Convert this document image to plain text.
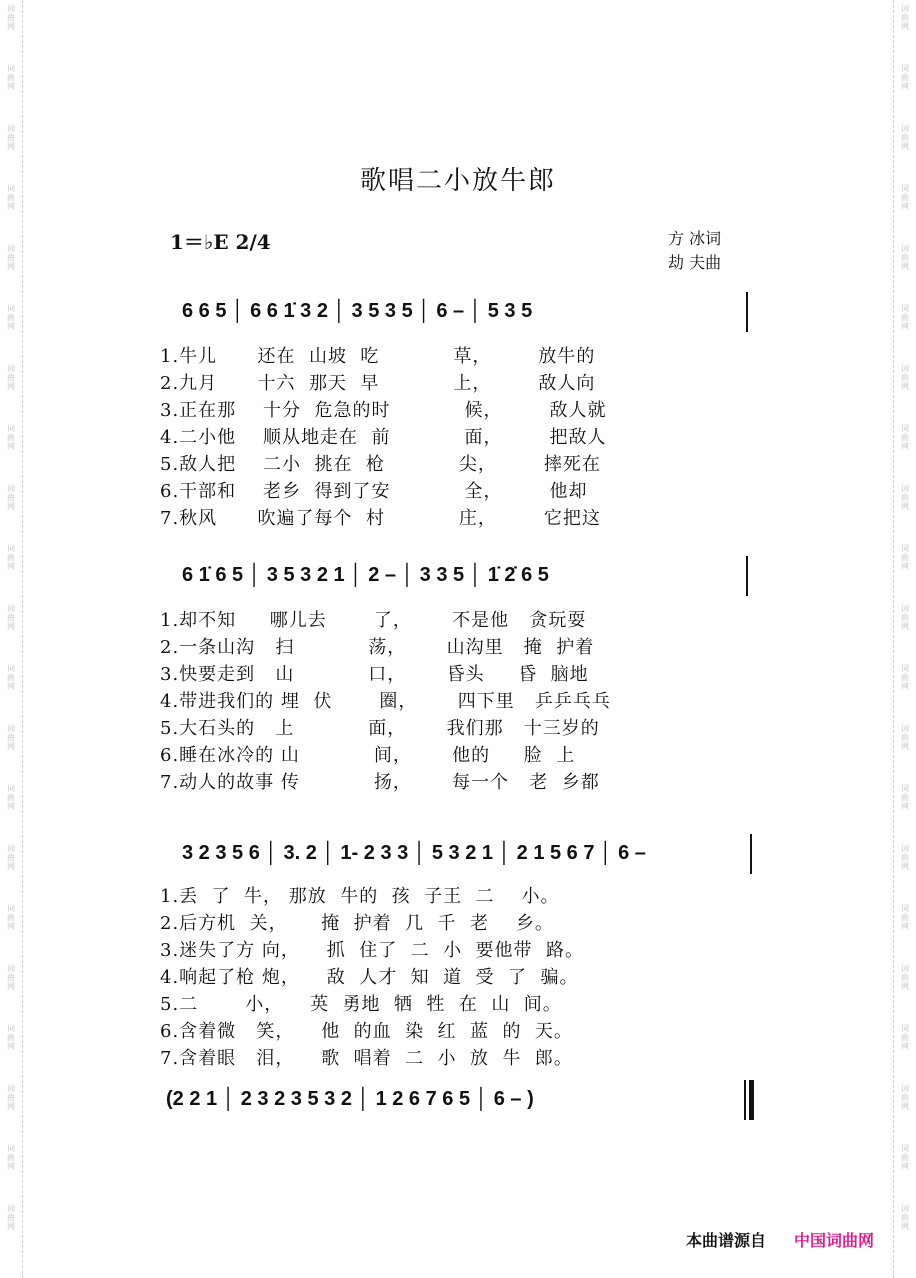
词曲网
词曲网
词曲网
词曲网
词曲网
词曲网
词曲网
词曲网
词曲网
词曲网
词曲网
词曲网
词曲网
词曲网
词曲网
词曲网
词曲网
词曲网
词曲网
词曲网
词曲网
词曲网
词曲网
词曲网
词曲网
词曲网
词曲网
词曲网
词曲网
词曲网
词曲网
词曲网
词曲网
词曲网
词曲网
词曲网
词曲网
词曲网
词曲网
词曲网
词曲网
词曲网
歌唱二小放牛郎
1＝♭E 2/4	方 冰词
劫 夫曲
6 6 5 │ 6 6 1̇ 3 2 │ 3 5 3 5 │ 6 – │ 5 3 5
1.牛儿      还在  山坡  吃           草，       放牛的
2.九月      十六  那天  早           上，       敌人向
3.正在那    十分  危急的时           候，       敌人就
4.二小他    顺从地走在  前           面，       把敌人
5.敌人把    二小  挑在  枪           尖，       摔死在
6.干部和    老乡  得到了安           全，       他却
7.秋风      吹遍了每个  村           庄，       它把这
6 1̇ 6 5 │ 3 5 3 2 1 │ 2 – │ 3 3 5 │ 1̇ 2̇ 6 5
1.却不知     哪儿去       了，      不是他   贪玩耍
2.一条山沟   扫           荡，      山沟里   掩  护着
3.快要走到   山           口，      昏头     昏  脑地
4.带进我们的 埋  伏       圈，      四下里   乒乒乓乓
5.大石头的   上           面，      我们那   十三岁的
6.睡在冰冷的 山           间，      他的     脸  上
7.动人的故事 传           扬，      每一个   老  乡都
3 2 3 5 6 │ 3. 2 │ 1- 2 3 3 │ 5 3 2 1 │ 2 1 5 6 7 │ 6 –
1.丢  了  牛， 那放  牛的  孩  子王  二    小。
2.后方机  关，     掩  护着  几  千  老    乡。
3.迷失了方 向，    抓  住了  二  小  要他带  路。
4.响起了枪 炮，    敌  人才  知  道  受  了  骗。
5.二       小，    英  勇地  牺  牲  在  山  间。
6.含着微   笑，    他  的血  染  红  蓝  的  天。
7.含着眼   泪，    歌  唱着  二  小  放  牛  郎。
(2 2 1 │ 2 3 2 3 5 3 2 │ 1 2 6 7 6 5 │ 6 – )
本曲谱源自 中国词曲网
